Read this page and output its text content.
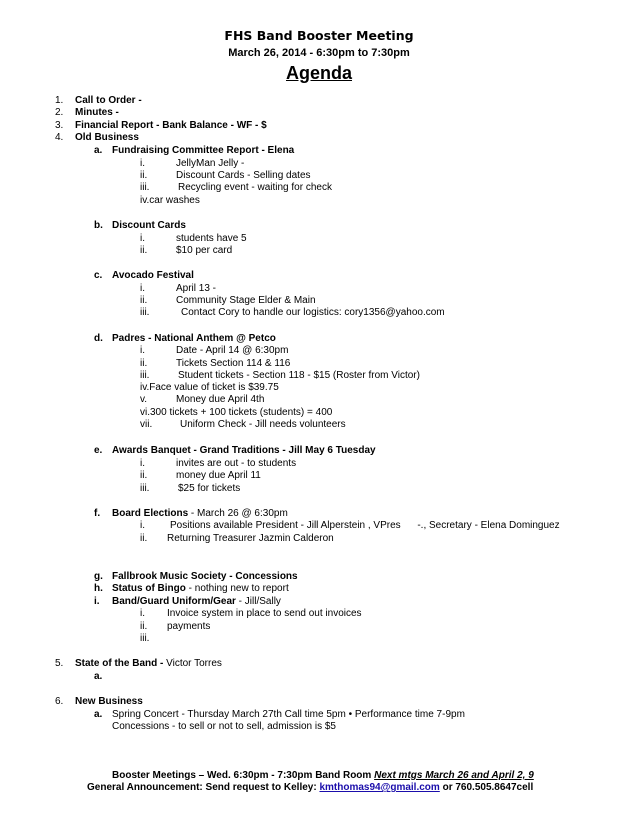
FHS Band Booster Meeting
March 26, 2014 - 6:30pm to 7:30pm
Agenda
1. Call to Order -
2. Minutes -
3. Financial Report - Bank Balance - WF - $
4. Old Business
a. Fundraising Committee Report - Elena
i.	JellyMan Jelly -
ii.	Discount Cards - Selling dates
iii.	Recycling event - waiting for check
iv.car washes
b. Discount Cards
i.	students have 5
ii.	$10 per card
c. Avocado Festival
i.	April 13 -
ii.	Community Stage Elder & Main
iii.	Contact Cory to handle our logistics: cory1356@yahoo.com
d. Padres - National Anthem @ Petco
i.	Date - April 14 @ 6:30pm
ii.	Tickets Section 114 & 116
iii.	Student tickets - Section 118 - $15 (Roster from Victor)
iv.Face value of ticket is $39.75
v.	Money due April 4th
vi.300 tickets + 100 tickets (students) = 400
vii.	Uniform Check - Jill needs volunteers
e. Awards Banquet - Grand Traditions - Jill May 6 Tuesday
i.	invites are out - to students
ii.	money due April 11
iii.	$25 for tickets
f. Board Elections - March 26 @ 6:30pm
i.	Positions available President - Jill Alperstein , VPres      -., Secretary - Elena Dominguez
ii. Returning Treasurer Jazmin Calderon
g. Fallbrook Music Society - Concessions
h. Status of Bingo - nothing new to report
i. Band/Guard Uniform/Gear - Jill/Sally
i. Invoice system in place to send out invoices
ii. payments
iii.
5. State of the Band - Victor Torres
a.
6. New Business
a. Spring Concert - Thursday March 27th Call time 5pm • Performance time 7-9pm
Concessions - to sell or not to sell, admission is $5
Booster Meetings – Wed. 6:30pm - 7:30pm Band Room Next mtgs March 26 and April 2, 9
General Announcement: Send request to Kelley: kmthomas94@gmail.com or 760.505.8647cell
